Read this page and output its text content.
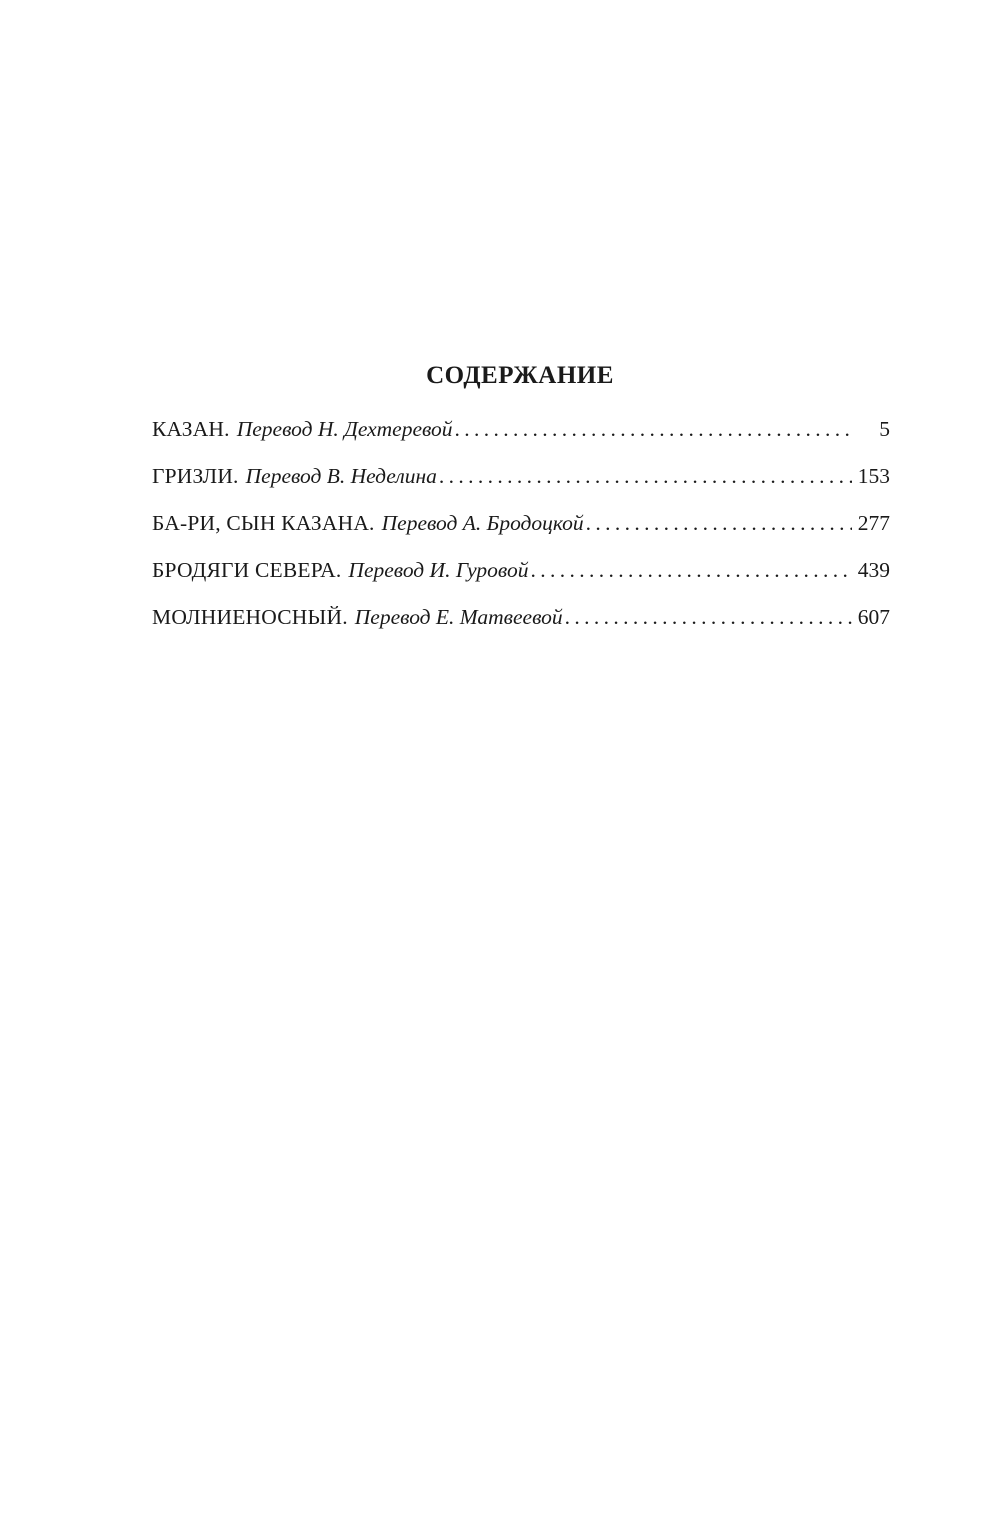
СОДЕРЖАНИЕ
КАЗАН. Перевод Н. Дехтеревой . . .	5
ГРИЗЛИ. Перевод В. Неделина . . .	153
БА-РИ, СЫН КАЗАНА. Перевод А. Бродоцкой . . .	277
БРОДЯГИ СЕВЕРА. Перевод И. Гуровой . . .	439
МОЛНИЕНОСНЫЙ. Перевод Е. Матвеевой . . .	607
